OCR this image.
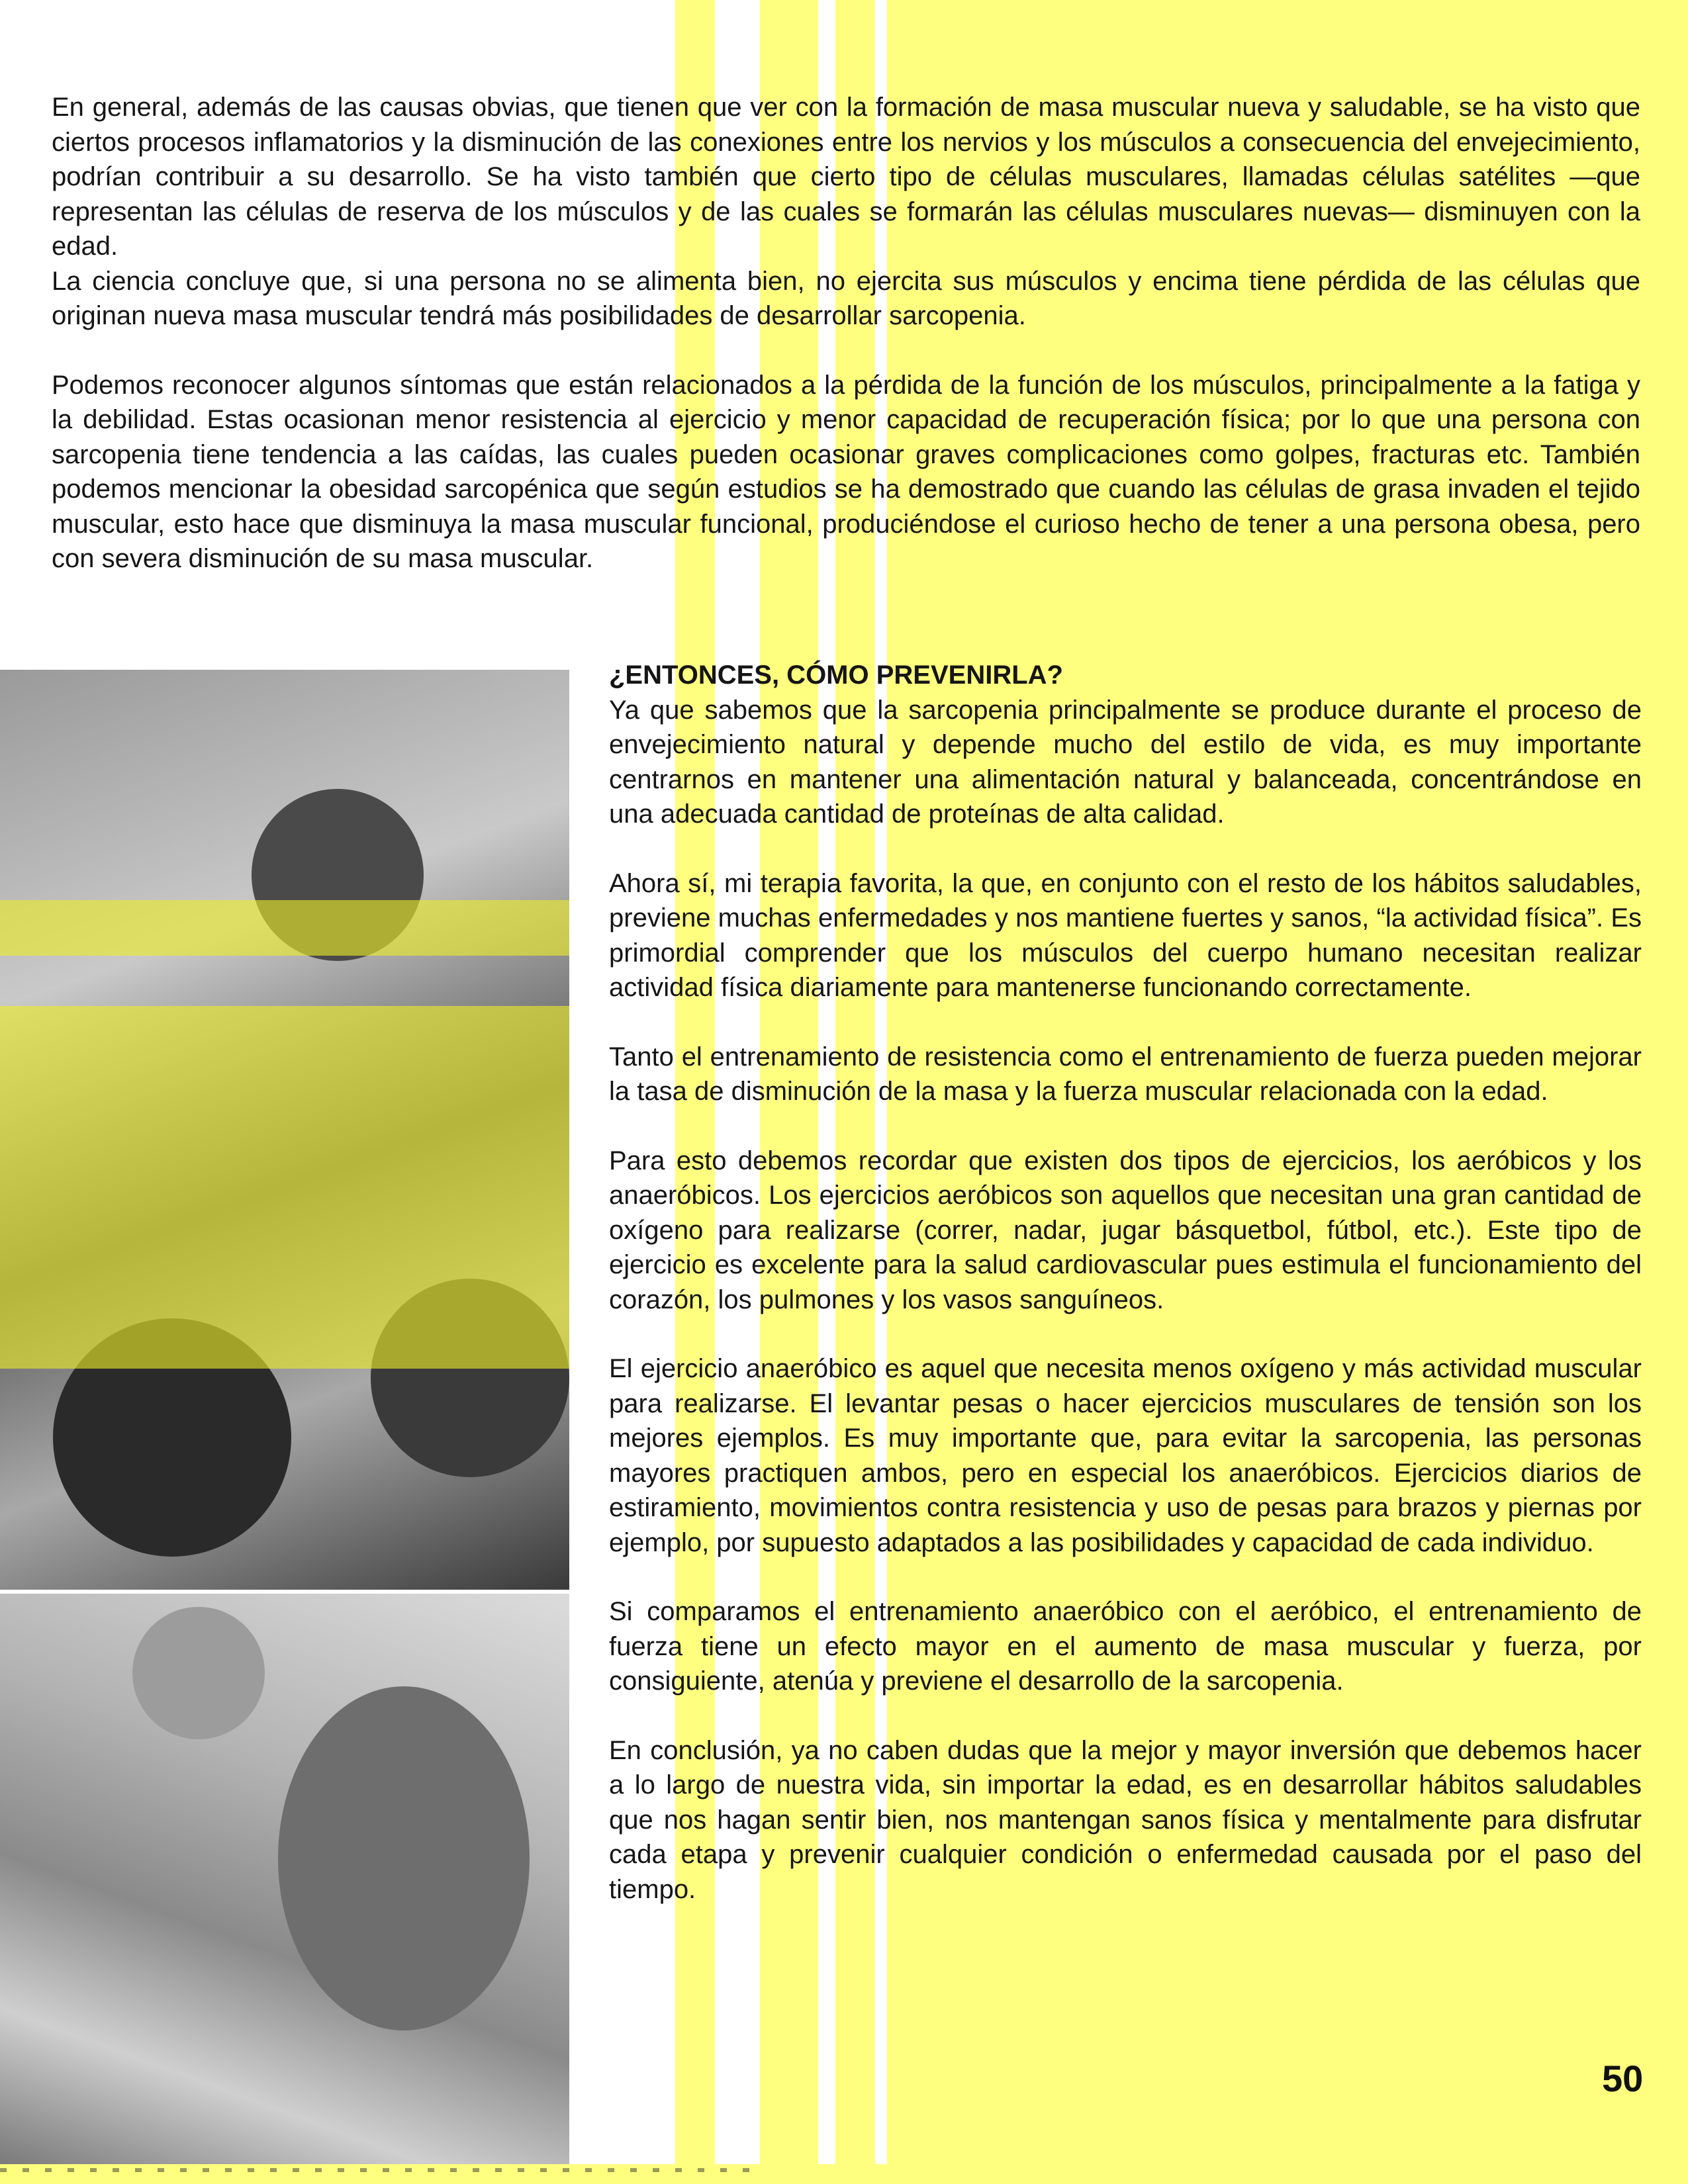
En general, además de las causas obvias, que tienen que ver con la formación de masa muscular nueva y saludable, se ha visto que ciertos procesos inflamatorios y la disminución de las conexiones entre los nervios y los músculos a consecuencia del envejecimiento, podrían contribuir a su desarrollo. Se ha visto también que cierto tipo de células musculares, llamadas células satélites —que representan las células de reserva de los músculos y de las cuales se formarán las células musculares nuevas— disminuyen con la edad.

La ciencia concluye que, si una persona no se alimenta bien, no ejercita sus músculos y encima tiene pérdida de las células que originan nueva masa muscular tendrá más posibilidades de desarrollar sarcopenia.

Podemos reconocer algunos síntomas que están relacionados a la pérdida de la función de los músculos, principalmente a la fatiga y la debilidad. Estas ocasionan menor resistencia al ejercicio y menor capacidad de recuperación física; por lo que una persona con sarcopenia tiene tendencia a las caídas, las cuales pueden ocasionar graves complicaciones como golpes, fracturas etc. También podemos mencionar la obesidad sarcopénica que según estudios se ha demostrado que cuando las células de grasa invaden el tejido muscular, esto hace que disminuya la masa muscular funcional, produciéndose el curioso hecho de tener a una persona obesa, pero con severa disminución de su masa muscular.

¿ENTONCES, CÓMO PREVENIRLA?

Ya que sabemos que la sarcopenia principalmente se produce durante el proceso de envejecimiento natural y depende mucho del estilo de vida, es muy importante centrarnos en mantener una alimentación natural y balanceada, concentrándose en una adecuada cantidad de proteínas de alta calidad.

Ahora sí, mi terapia favorita, la que, en conjunto con el resto de los hábitos saludables, previene muchas enfermedades y nos mantiene fuertes y sanos, “la actividad física”. Es primordial comprender que los músculos del cuerpo humano necesitan realizar actividad física diariamente para mantenerse funcionando correctamente.

Tanto el entrenamiento de resistencia como el entrenamiento de fuerza pueden mejorar la tasa de disminución de la masa y la fuerza muscular relacionada con la edad.

Para esto debemos recordar que existen dos tipos de ejercicios, los aeróbicos y los anaeróbicos. Los ejercicios aeróbicos son aquellos que necesitan una gran cantidad de oxígeno para realizarse (correr, nadar, jugar básquetbol, fútbol, etc.). Este tipo de ejercicio es excelente para la salud cardiovascular pues estimula el funcionamiento del corazón, los pulmones y los vasos sanguíneos.

El ejercicio anaeróbico es aquel que necesita menos oxígeno y más actividad muscular para realizarse. El levantar pesas o hacer ejercicios musculares de tensión son los mejores ejemplos. Es muy importante que, para evitar la sarcopenia, las personas mayores practiquen ambos, pero en especial los anaeróbicos. Ejercicios diarios de estiramiento, movimientos contra resistencia y uso de pesas para brazos y piernas por ejemplo, por supuesto adaptados a las posibilidades y capacidad de cada individuo.

Si comparamos el entrenamiento anaeróbico con el aeróbico, el entrenamiento de fuerza tiene un efecto mayor en el aumento de masa muscular y fuerza, por consiguiente, atenúa y previene el desarrollo de la sarcopenia.

En conclusión, ya no caben dudas que la mejor y mayor inversión que debemos hacer a lo largo de nuestra vida, sin importar la edad, es en desarrollar hábitos saludables que nos hagan sentir bien, nos mantengan sanos física y mentalmente para disfrutar cada etapa y prevenir cualquier condición o enfermedad causada por el paso del tiempo.

50
